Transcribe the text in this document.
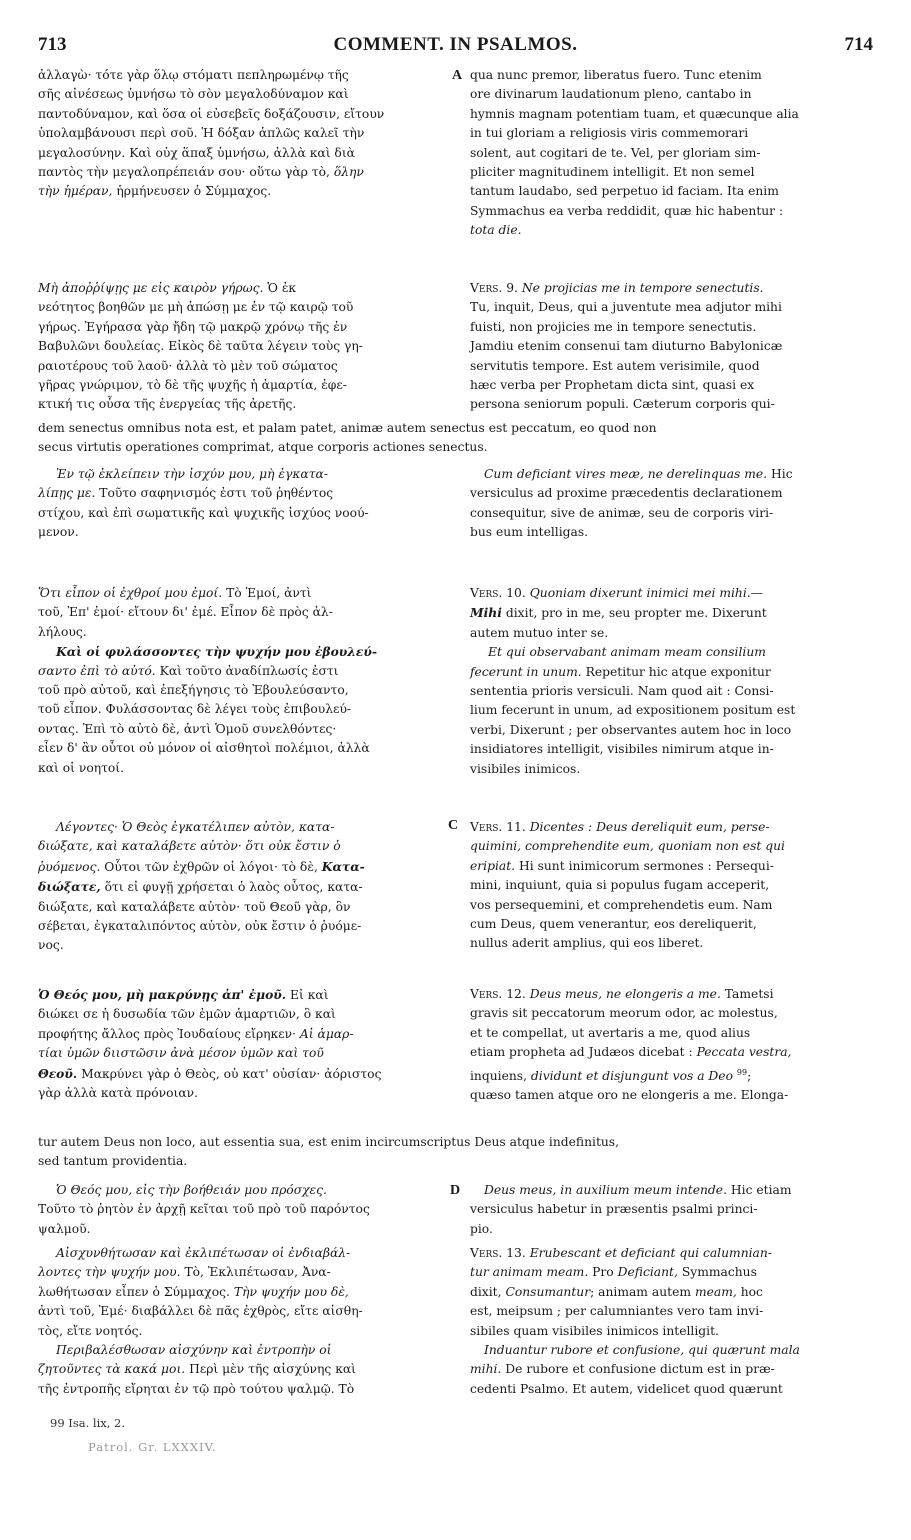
713	COMMENT. IN PSALMOS.	714
A
C
D

ἀλλαγὼ· τότε γὰρ ὅλῳ στόματι πεπληρωμένῳ τῆς

σῆς αἰνέσεως ὑμνήσω τὸ σὸν μεγαλοδύναμον καὶ

παντοδύναμον, καὶ ὅσα οἱ εὐσεβεῖς δοξάζουσιν, εἴτουν

ὑπολαμβάνουσι περὶ σοῦ. Ἡ δόξαν ἁπλῶς καλεῖ τὴν

μεγαλοσύνην. Καὶ οὐχ ἅπαξ ὑμνήσω, ἀλλὰ καὶ διὰ

παντὸς τὴν μεγαλοπρέπειάν σου· οὕτω γὰρ τὸ, ὅλην

τὴν ἡμέραν, ἡρμήνευσεν ὁ Σύμμαχος.

qua nunc premor, liberatus fuero. Tunc etenim

ore divinarum laudationum pleno, cantabo in

hymnis magnam potentiam tuam, et quæcunque alia

in tui gloriam a religiosis viris commemorari

solent, aut cogitari de te. Vel, per gloriam sim-

pliciter magnitudinem intelligit. Et non semel

tantum laudabo, sed perpetuo id faciam. Ita enim

Symmachus ea verba reddidit, quæ hic habentur :

tota die.

Μὴ ἀποῤῥίψῃς με εἰς καιρὸν γήρως. Ὁ ἐκ

νεότητος βοηθῶν με μὴ ἀπώσῃ με ἐν τῷ καιρῷ τοῦ

γήρως. Ἐγήρασα γὰρ ἤδη τῷ μακρῷ χρόνῳ τῆς ἐν

Βαβυλῶνι δουλείας. Εἰκὸς δὲ ταῦτα λέγειν τοὺς γη-

ραιοτέρους τοῦ λαοῦ· ἀλλὰ τὸ μὲν τοῦ σώματος

γῆρας γνώριμον, τὸ δὲ τῆς ψυχῆς ἡ ἁμαρτία, ἐφε-

κτική τις οὖσα τῆς ἐνεργείας τῆς ἀρετῆς.

Vers. 9. Ne projicias me in tempore senectutis.

Tu, inquit, Deus, qui a juventute mea adjutor mihi

fuisti, non projicies me in tempore senectutis.

Jamdiu etenim consenui tam diuturno Babylonicæ

servitutis tempore. Est autem verisimile, quod

hæc verba per Prophetam dicta sint, quasi ex

persona seniorum populi. Cæterum corporis qui-

dem senectus omnibus nota est, et palam patet, animæ autem senectus est peccatum, eo quod non

secus virtutis operationes comprimat, atque corporis actiones senectus.

Ἐν τῷ ἐκλείπειν τὴν ἰσχύν μου, μὴ ἐγκατα-

λίπῃς με. Τοῦτο σαφηνισμός ἐστι τοῦ ῥηθέντος

στίχου, καὶ ἐπὶ σωματικῆς καὶ ψυχικῆς ἰσχύος νοού-

μενον.

Cum deficiant vires meæ, ne derelinquas me. Hic

versiculus ad proxime præcedentis declarationem

consequitur, sive de animæ, seu de corporis viri-

bus eum intelligas.

Ὅτι εἶπον οἱ ἐχθροί μου ἐμοί. Τὸ Ἐμοί, ἀντὶ

τοῦ, Ἐπ' ἐμοί· εἴτουν δι' ἐμέ. Εἶπον δὲ πρὸς ἀλ-

λήλους.

Καὶ οἱ φυλάσσοντες τὴν ψυχήν μου ἐβουλεύ-

σαντο ἐπὶ τὸ αὐτό. Καὶ τοῦτο ἀναδίπλωσίς ἐστι

τοῦ πρὸ αὐτοῦ, καὶ ἐπεξήγησις τὸ Ἐβουλεύσαντο,

τοῦ εἶπον. Φυλάσσοντας δὲ λέγει τοὺς ἐπιβουλεύ-

οντας. Ἐπὶ τὸ αὐτὸ δὲ, ἀντὶ Ὁμοῦ συνελθόντες·

εἶεν δ' ἂν οὗτοι οὐ μόνον οἱ αἰσθητοὶ πολέμιοι, ἀλλὰ

καὶ οἱ νοητοί.

Vers. 10. Quoniam dixerunt inimici mei mihi.—

Mihi dixit, pro in me, seu propter me. Dixerunt

autem mutuo inter se.

Et qui observabant animam meam consilium

fecerunt in unum. Repetitur hic atque exponitur

sententia prioris versiculi. Nam quod ait : Consi-

lium fecerunt in unum, ad expositionem positum est

verbi, Dixerunt ; per observantes autem hoc in loco

insidiatores intelligit, visibiles nimirum atque in-

visibiles inimicos.

Λέγοντες· Ὁ Θεὸς ἐγκατέλιπεν αὐτὸν, κατα-

διώξατε, καὶ καταλάβετε αὐτὸν· ὅτι οὐκ ἔστιν ὁ

ῥυόμενος. Οὗτοι τῶν ἐχθρῶν οἱ λόγοι· τὸ δὲ, Κατα-

διώξατε, ὅτι εἰ φυγῇ χρήσεται ὁ λαὸς οὗτος, κατα-

διώξατε, καὶ καταλάβετε αὐτὸν· τοῦ Θεοῦ γὰρ, ὃν

σέβεται, ἐγκαταλιπόντος αὐτὸν, οὐκ ἔστιν ὁ ῥυόμε-

νος.

Vers. 11. Dicentes : Deus dereliquit eum, perse-

quimini, comprehendite eum, quoniam non est qui

eripiat. Hi sunt inimicorum sermones : Persequi-

mini, inquiunt, quia si populus fugam acceperit,

vos persequemini, et comprehendetis eum. Nam

cum Deus, quem venerantur, eos dereliquerit,

nullus aderit amplius, qui eos liberet.

Ὁ Θεός μου, μὴ μακρύνῃς ἀπ' ἐμοῦ. Εἰ καὶ

διώκει σε ἡ δυσωδία τῶν ἐμῶν ἁμαρτιῶν, ὃ καὶ

προφήτης ἄλλος πρὸς Ἰουδαίους εἴρηκεν· Αἱ ἁμαρ-

τίαι ὑμῶν διιστῶσιν ἀνὰ μέσον ὑμῶν καὶ τοῦ

Θεοῦ. Μακρύνει γὰρ ὁ Θεὸς, οὐ κατ' οὐσίαν· ἀόριστος

γὰρ ἀλλὰ κατὰ πρόνοιαν.

Vers. 12. Deus meus, ne elongeris a me. Tametsi

gravis sit peccatorum meorum odor, ac molestus,

et te compellat, ut avertaris a me, quod alius

etiam propheta ad Judæos dicebat : Peccata vestra,

inquiens, dividunt et disjungunt vos a Deo $^{99}$;

quæso tamen atque oro ne elongeris a me. Elonga-

tur autem Deus non loco, aut essentia sua, est enim incircumscriptus Deus atque indefinitus,

sed tantum providentia.

Ὁ Θεός μου, εἰς τὴν βοήθειάν μου πρόσχες.

Τοῦτο τὸ ῥητὸν ἐν ἀρχῇ κεῖται τοῦ πρὸ τοῦ παρόντος

ψαλμοῦ.

Deus meus, in auxilium meum intende. Hic etiam

versiculus habetur in præsentis psalmi princi-

pio.

Αἰσχυνθήτωσαν καὶ ἐκλιπέτωσαν οἱ ἐνδιαβάλ-

λοντες τὴν ψυχήν μου. Τὸ, Ἐκλιπέτωσαν, Ἀνα-

λωθήτωσαν εἶπεν ὁ Σύμμαχος. Τὴν ψυχήν μου δὲ,

ἀντὶ τοῦ, Ἐμέ· διαβάλλει δὲ πᾶς ἐχθρὸς, εἴτε αἰσθη-

τὸς, εἴτε νοητός.

Περιβαλέσθωσαν αἰσχύνην καὶ ἐντροπὴν οἱ

ζητοῦντες τὰ κακά μοι. Περὶ μὲν τῆς αἰσχύνης καὶ

τῆς ἐντροπῆς εἴρηται ἐν τῷ πρὸ τούτου ψαλμῷ. Τὸ

Vers. 13. Erubescant et deficiant qui calumnian-

tur animam meam. Pro Deficiant, Symmachus

dixit, Consumantur; animam autem meam, hoc

est, meipsum ; per calumniantes vero tam invi-

sibiles quam visibiles inimicos intelligit.

Induantur rubore et confusione, qui quærunt mala

mihi. De rubore et confusione dictum est in præ-

cedenti Psalmo. Et autem, videlicet quod quærunt

99 Isa. lix, 2.
Patrol. Gr. LXXXIV.
